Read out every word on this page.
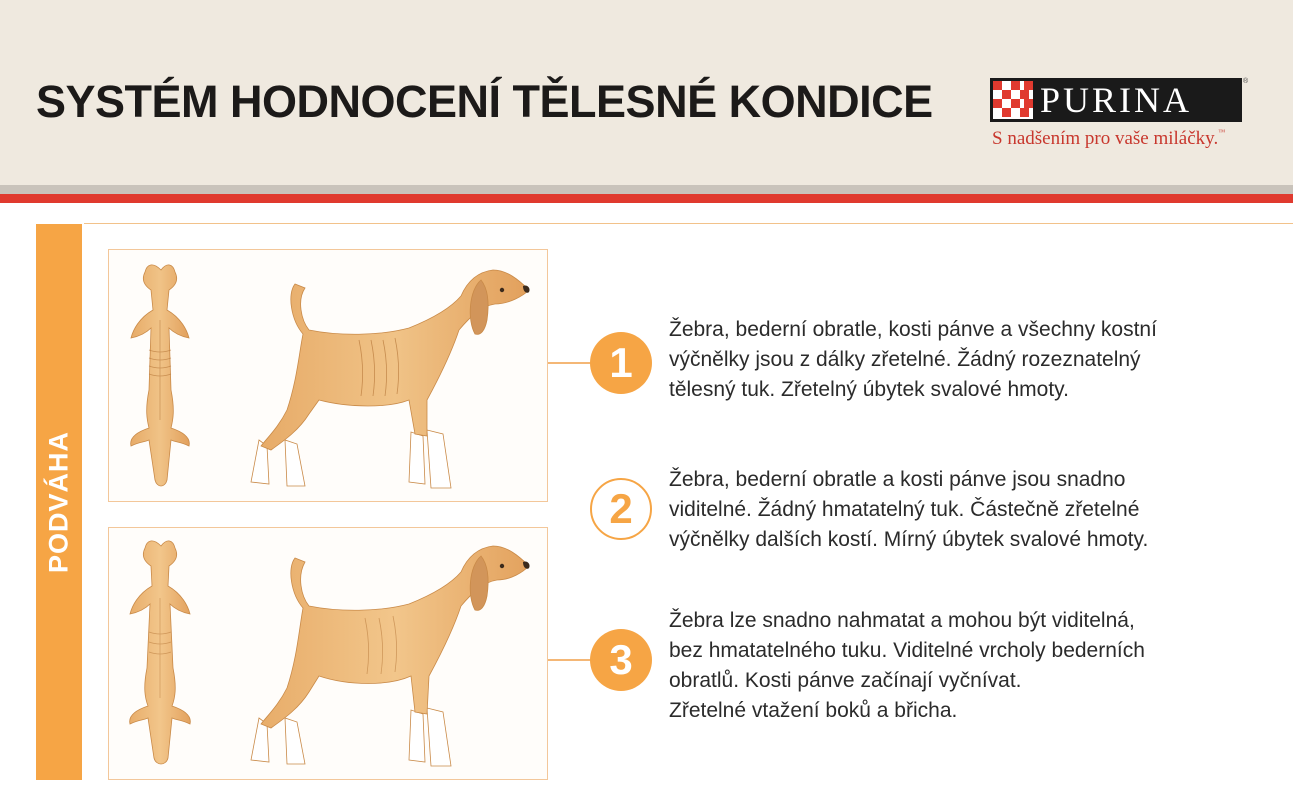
SYSTÉM HODNOCENÍ TĚLESNÉ KONDICE	PURINA	®
S nadšením pro vaše miláčky.™
PODVÁHA
1
2
3
Žebra, bederní obratle, kosti pánve a všechny kostní
výčnělky jsou z dálky zřetelné. Žádný rozeznatelný
tělesný tuk. Zřetelný úbytek svalové hmoty.
Žebra, bederní obratle a kosti pánve jsou snadno
viditelné. Žádný hmatatelný tuk. Částečně zřetelné
výčnělky dalších kostí. Mírný úbytek svalové hmoty.
Žebra lze snadno nahmatat a mohou být viditelná,
bez hmatatelného tuku. Viditelné vrcholy bederních
obratlů. Kosti pánve začínají vyčnívat.
Zřetelné vtažení boků a břicha.
